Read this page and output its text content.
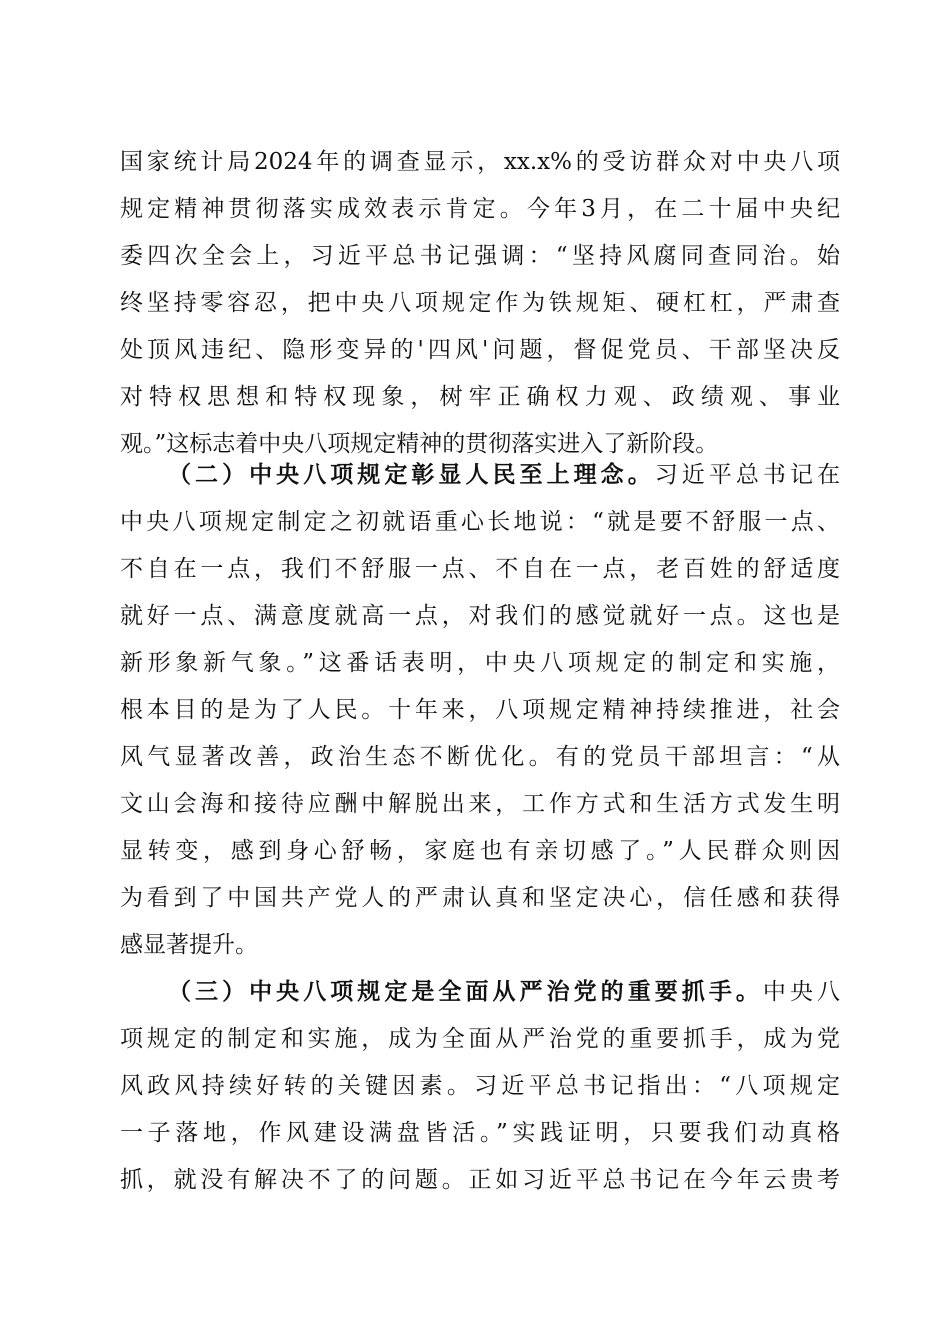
国家统计局2024年的调查显示，xx.x%的受访群众对中央八项
规定精神贯彻落实成效表示肯定。今年3月，在二十届中央纪
委四次全会上，习近平总书记强调：“坚持风腐同查同治。始
终坚持零容忍，把中央八项规定作为铁规矩、硬杠杠，严肃查
处顶风违纪、隐形变异的'四风'问题，督促党员、干部坚决反
对特权思想和特权现象，树牢正确权力观、政绩观、事业
观。”这标志着中央八项规定精神的贯彻落实进入了新阶段。
（二）中央八项规定彰显人民至上理念。习近平总书记在
中央八项规定制定之初就语重心长地说：“就是要不舒服一点、
不自在一点，我们不舒服一点、不自在一点，老百姓的舒适度
就好一点、满意度就高一点，对我们的感觉就好一点。这也是
新形象新气象。”这番话表明，中央八项规定的制定和实施，
根本目的是为了人民。十年来，八项规定精神持续推进，社会
风气显著改善，政治生态不断优化。有的党员干部坦言：“从
文山会海和接待应酬中解脱出来，工作方式和生活方式发生明
显转变，感到身心舒畅，家庭也有亲切感了。”人民群众则因
为看到了中国共产党人的严肃认真和坚定决心，信任感和获得
感显著提升。
（三）中央八项规定是全面从严治党的重要抓手。中央八
项规定的制定和实施，成为全面从严治党的重要抓手，成为党
风政风持续好转的关键因素。习近平总书记指出：“八项规定
一子落地，作风建设满盘皆活。”实践证明，只要我们动真格
抓，就没有解决不了的问题。正如习近平总书记在今年云贵考
